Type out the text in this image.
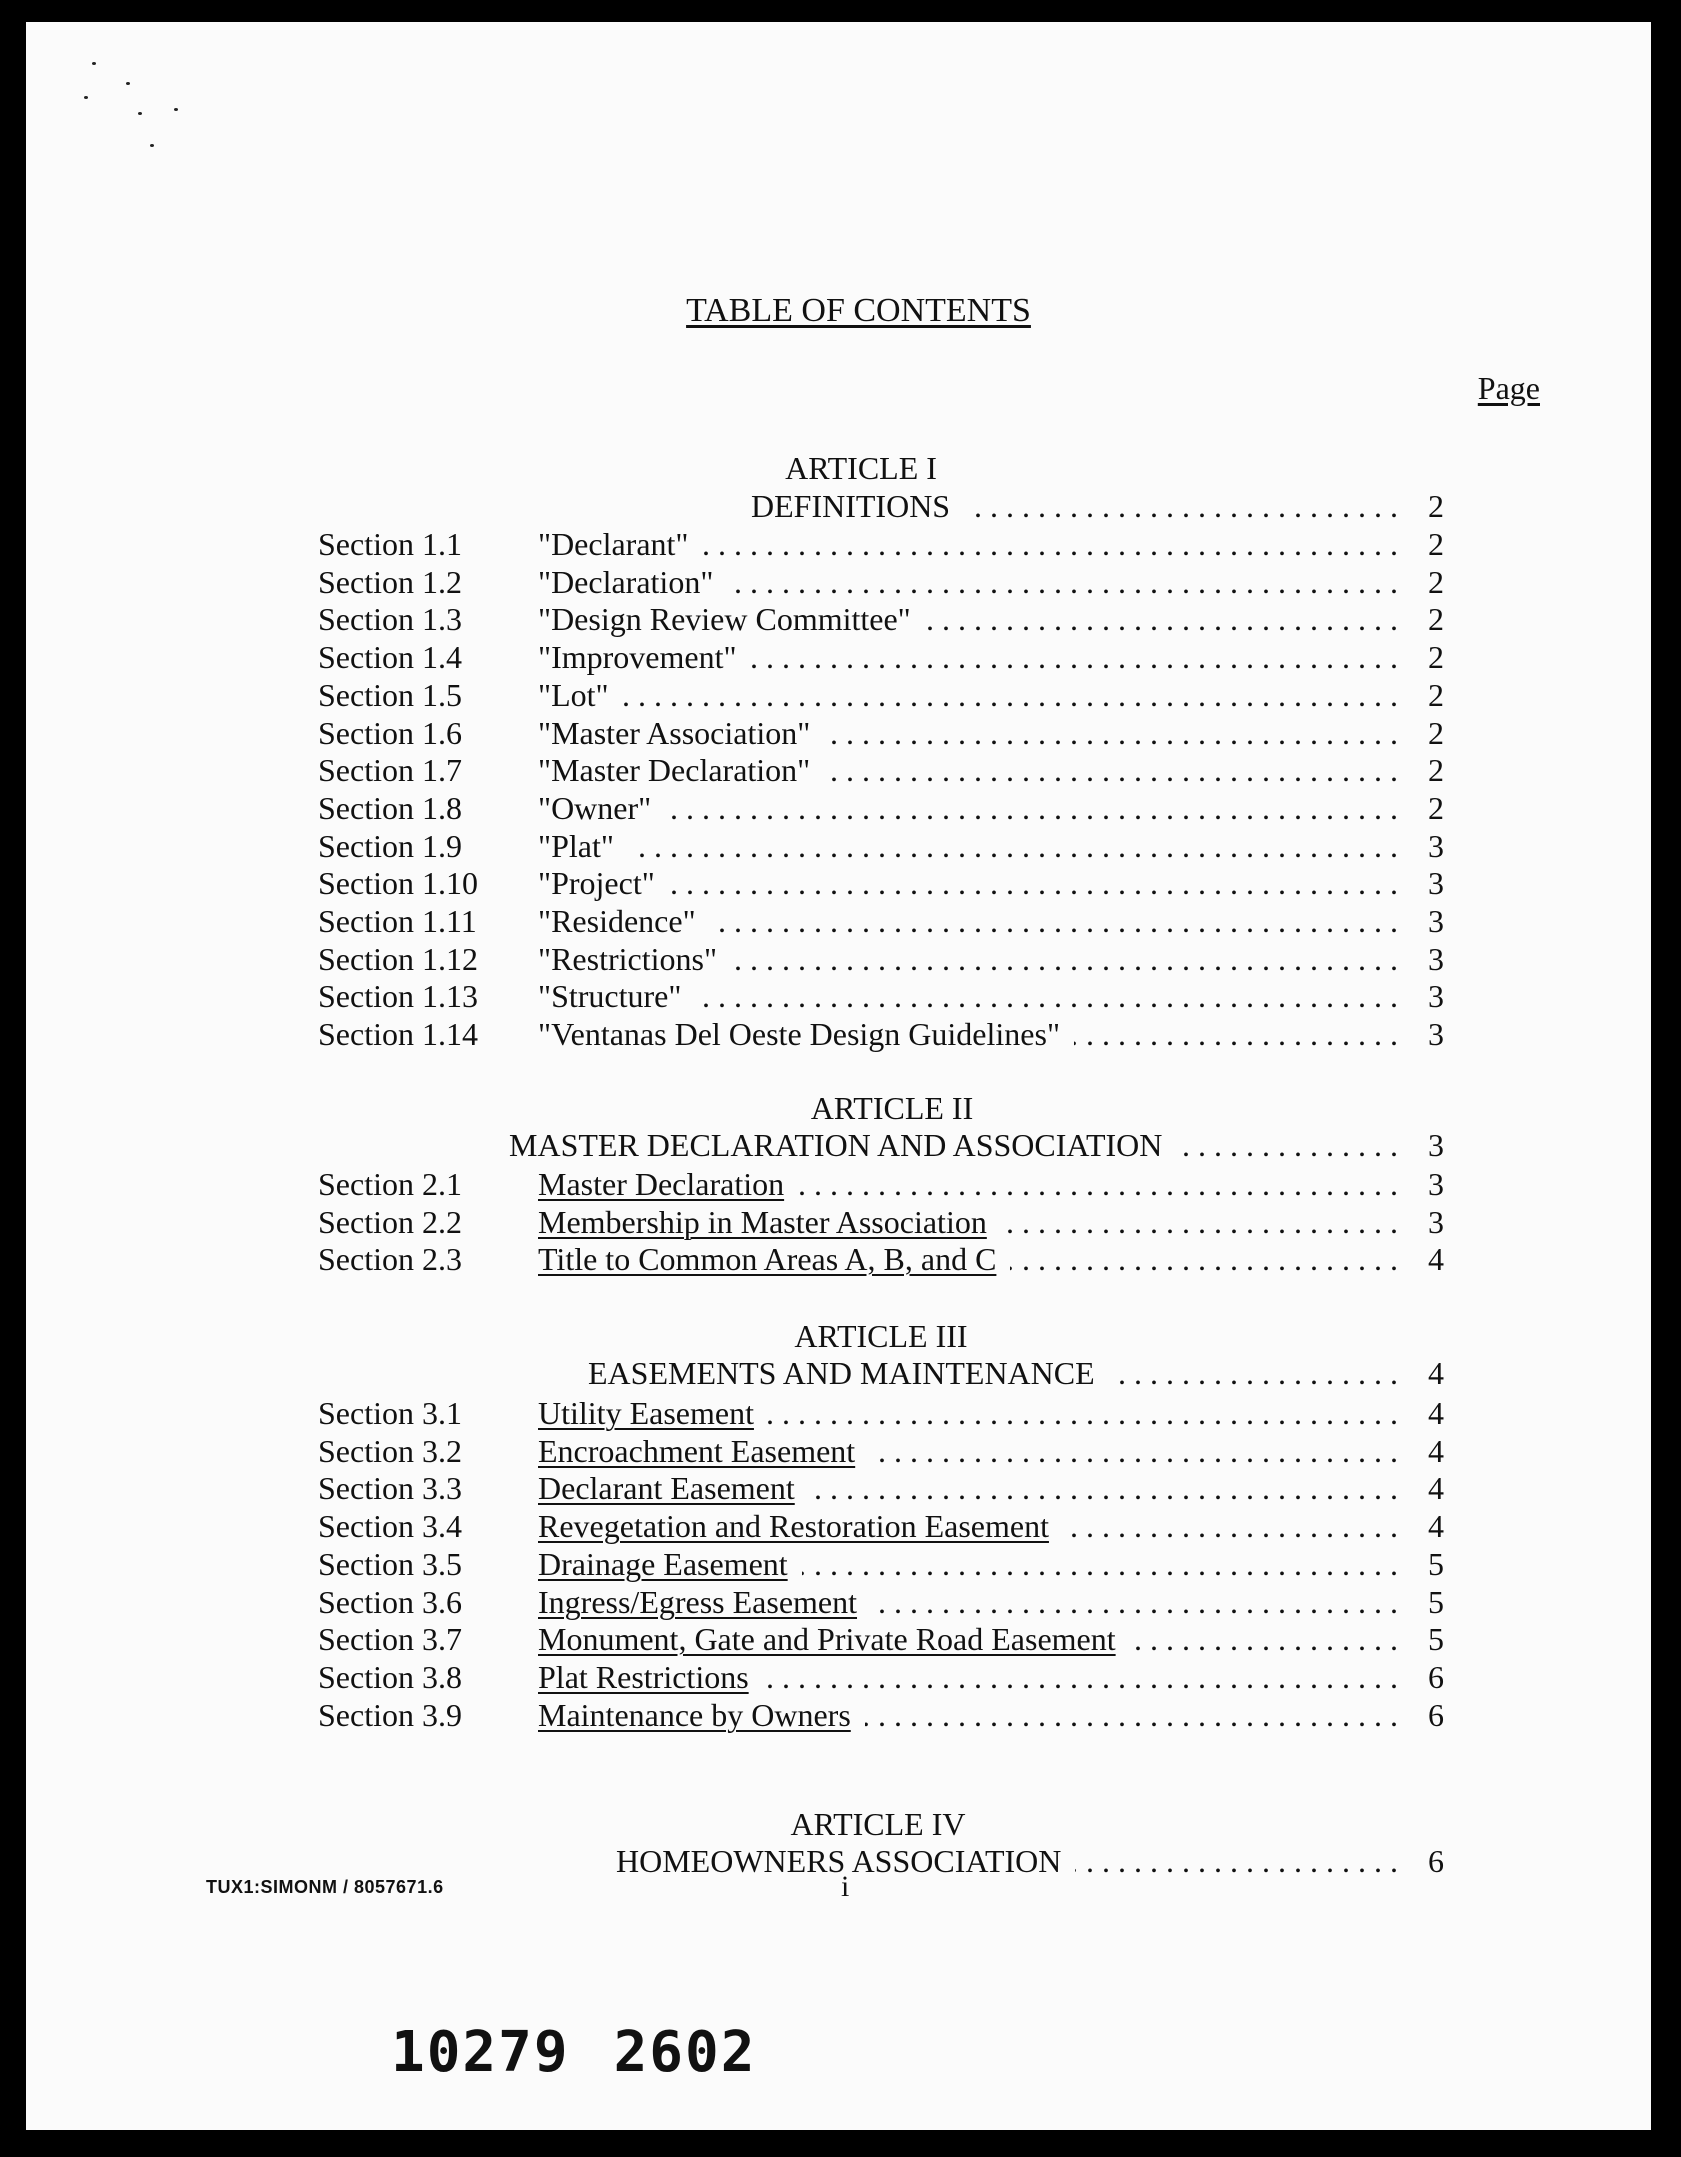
TABLE OF CONTENTS

Page

ARTICLE I

. . .
DEFINITIONS	2
Section 1.1 . . . "Declarant"	2
Section 1.2 . . . "Declaration"	2
Section 1.3 . . . "Design Review Committee"	2
Section 1.4 . . . "Improvement"	2
Section 1.5 . . . "Lot"	2
Section 1.6 . . . "Master Association"	2
Section 1.7 . . . "Master Declaration"	2
Section 1.8 . . . "Owner"	2
Section 1.9 . . . "Plat"	3
Section 1.10 . . . "Project"	3
Section 1.11 . . . "Residence"	3
Section 1.12 . . . "Restrictions"	3
Section 1.13 . . . "Structure"	3
Section 1.14 . . . "Ventanas Del Oeste Design Guidelines"	3

ARTICLE II

. . .
MASTER DECLARATION AND ASSOCIATION	3
Section 2.1 . . . Master Declaration	3
Section 2.2 . . . Membership in Master Association	3
Section 2.3 . . . Title to Common Areas A, B, and C	4

ARTICLE III

. . .
EASEMENTS AND MAINTENANCE	4
Section 3.1 . . . Utility Easement	4
Section 3.2 . . . Encroachment Easement	4
Section 3.3 . . . Declarant Easement	4
Section 3.4 . . . Revegetation and Restoration Easement	4
Section 3.5 . . . Drainage Easement	5
Section 3.6 . . . Ingress/Egress Easement	5
Section 3.7 . . . Monument, Gate and Private Road Easement	5
Section 3.8 . . . Plat Restrictions	6
Section 3.9 . . . Maintenance by Owners	6

ARTICLE IV

. . .
HOMEOWNERS ASSOCIATION	6

TUX1:SIMONM / 8057671.6	i

10279 2602
